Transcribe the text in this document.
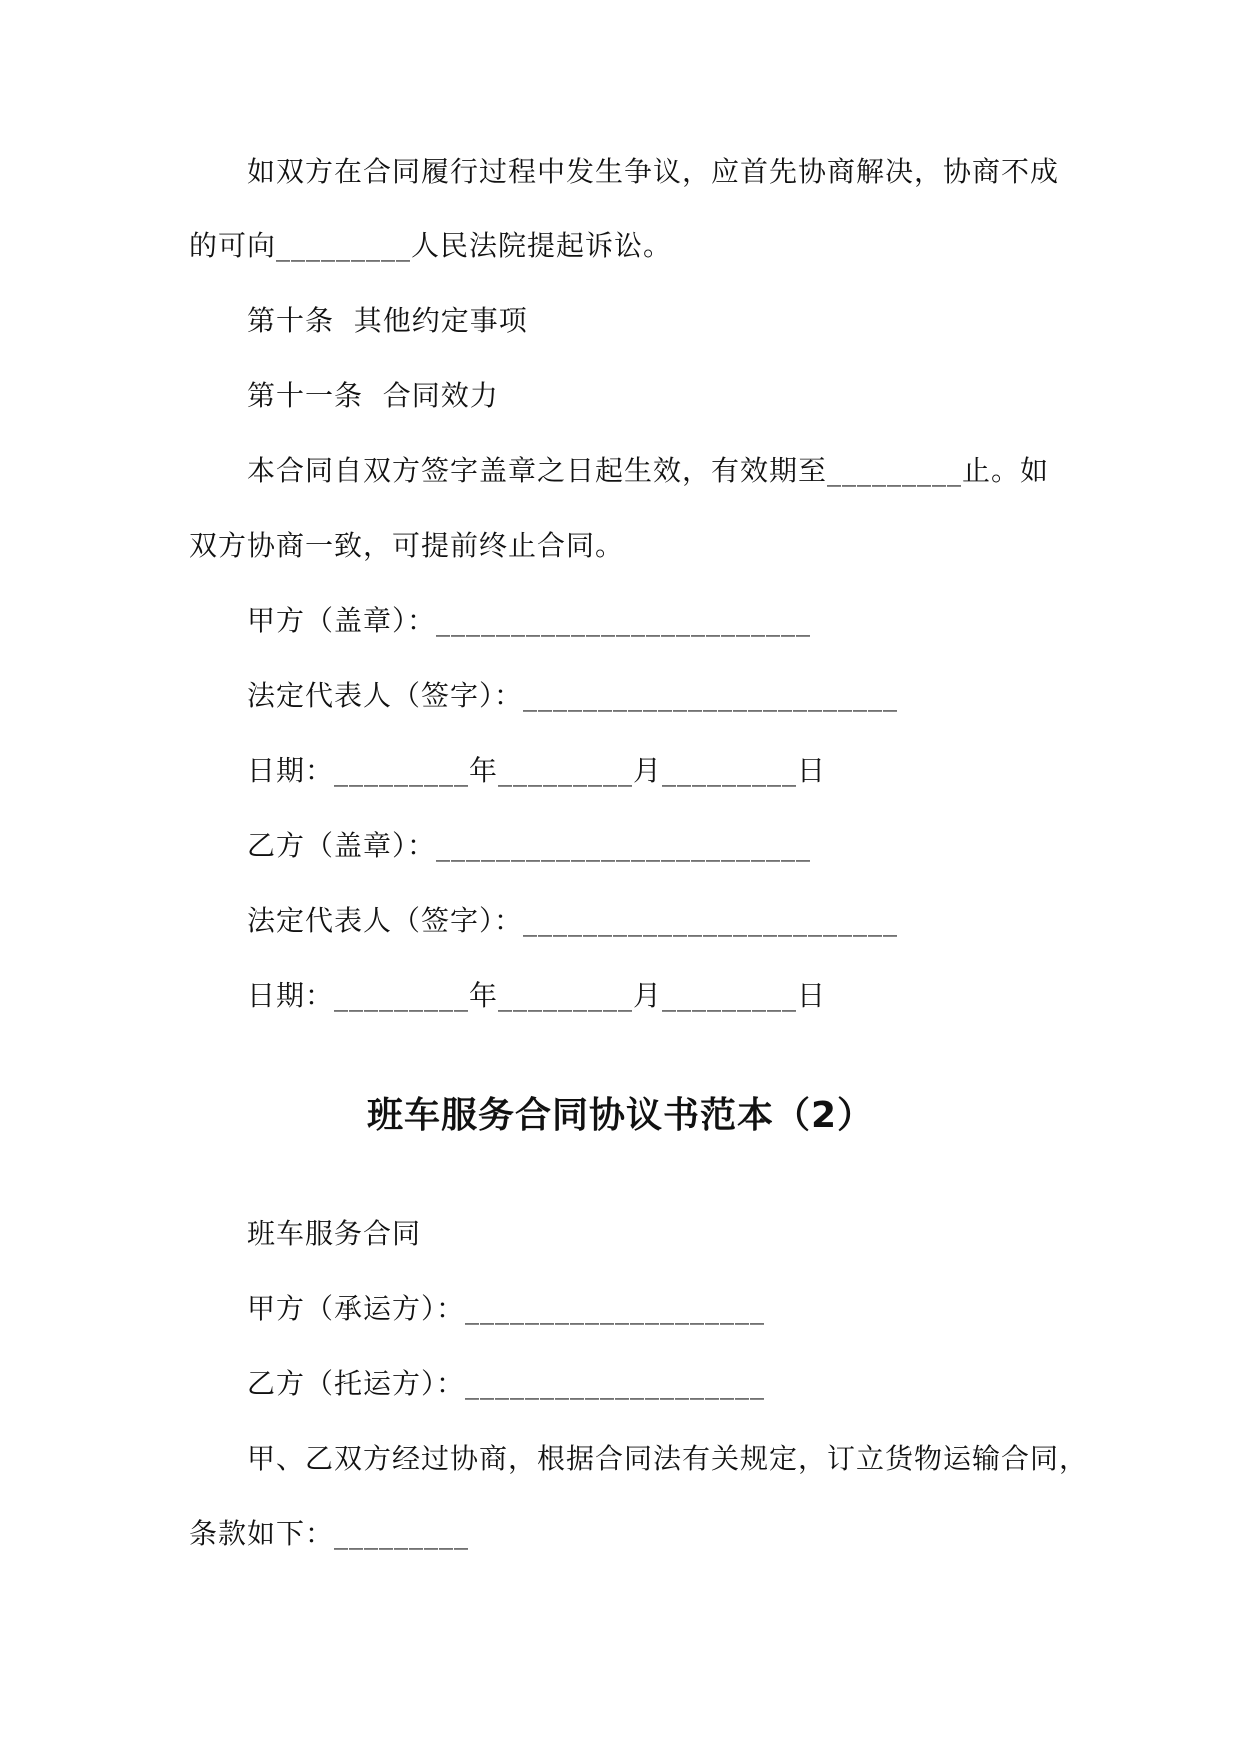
如双方在合同履行过程中发生争议，应首先协商解决，协商不成
的可向_________人民法院提起诉讼。
第十条  其他约定事项
第十一条  合同效力
本合同自双方签字盖章之日起生效，有效期至_________止。如
双方协商一致，可提前终止合同。
甲方（盖章）：_________________________
法定代表人（签字）：_________________________
日期：_________年_________月_________日
乙方（盖章）：_________________________
法定代表人（签字）：_________________________
日期：_________年_________月_________日
班车服务合同协议书范本（2）
班车服务合同
甲方（承运方）：____________________
乙方（托运方）：____________________
甲、乙双方经过协商，根据合同法有关规定，订立货物运输合同，
条款如下：_________
